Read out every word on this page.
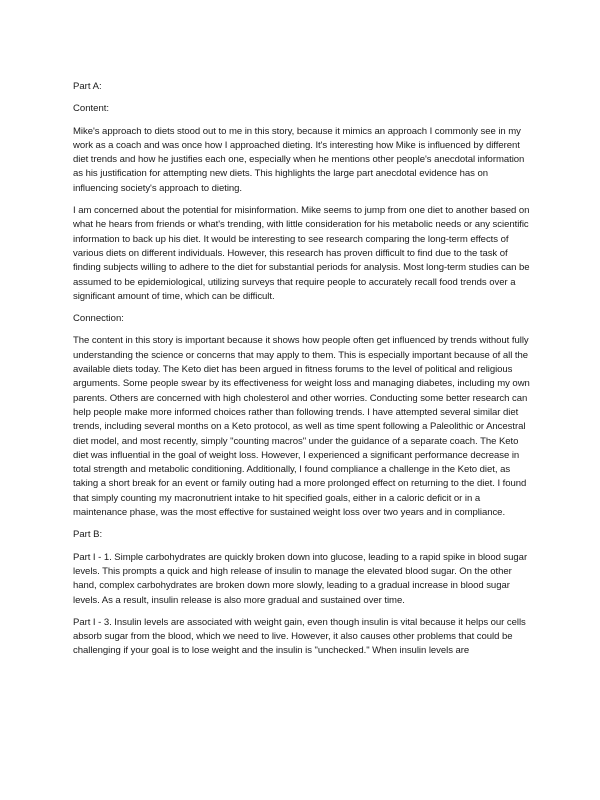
Part A:

Content:

Mike's approach to diets stood out to me in this story, because it mimics an approach I commonly see in my work as a coach and was once how I approached dieting. It's interesting how Mike is influenced by different diet trends and how he justifies each one, especially when he mentions other people's anecdotal information as his justification for attempting new diets. This highlights the large part anecdotal evidence has on influencing society's approach to dieting.

I am concerned about the potential for misinformation. Mike seems to jump from one diet to another based on what he hears from friends or what's trending, with little consideration for his metabolic needs or any scientific information to back up his diet. It would be interesting to see research comparing the long-term effects of various diets on different individuals. However, this research has proven difficult to find due to the task of finding subjects willing to adhere to the diet for substantial periods for analysis. Most long-term studies can be assumed to be epidemiological, utilizing surveys that require people to accurately recall food trends over a significant amount of time, which can be difficult.

Connection:

The content in this story is important because it shows how people often get influenced by trends without fully understanding the science or concerns that may apply to them. This is especially important because of all the available diets today. The Keto diet has been argued in fitness forums to the level of political and religious arguments. Some people swear by its effectiveness for weight loss and managing diabetes, including my own parents. Others are concerned with high cholesterol and other worries. Conducting some better research can help people make more informed choices rather than following trends. I have attempted several similar diet trends, including several months on a Keto protocol, as well as time spent following a Paleolithic or Ancestral diet model, and most recently, simply "counting macros" under the guidance of a separate coach. The Keto diet was influential in the goal of weight loss. However, I experienced a significant performance decrease in total strength and metabolic conditioning. Additionally, I found compliance a challenge in the Keto diet, as taking a short break for an event or family outing had a more prolonged effect on returning to the diet. I found that simply counting my macronutrient intake to hit specified goals, either in a caloric deficit or in a maintenance phase, was the most effective for sustained weight loss over two years and in compliance.

Part B:

Part I - 1. Simple carbohydrates are quickly broken down into glucose, leading to a rapid spike in blood sugar levels. This prompts a quick and high release of insulin to manage the elevated blood sugar. On the other hand, complex carbohydrates are broken down more slowly, leading to a gradual increase in blood sugar levels. As a result, insulin release is also more gradual and sustained over time.

Part I - 3. Insulin levels are associated with weight gain, even though insulin is vital because it helps our cells absorb sugar from the blood, which we need to live. However, it also causes other problems that could be challenging if your goal is to lose weight and the insulin is "unchecked." When insulin levels are
